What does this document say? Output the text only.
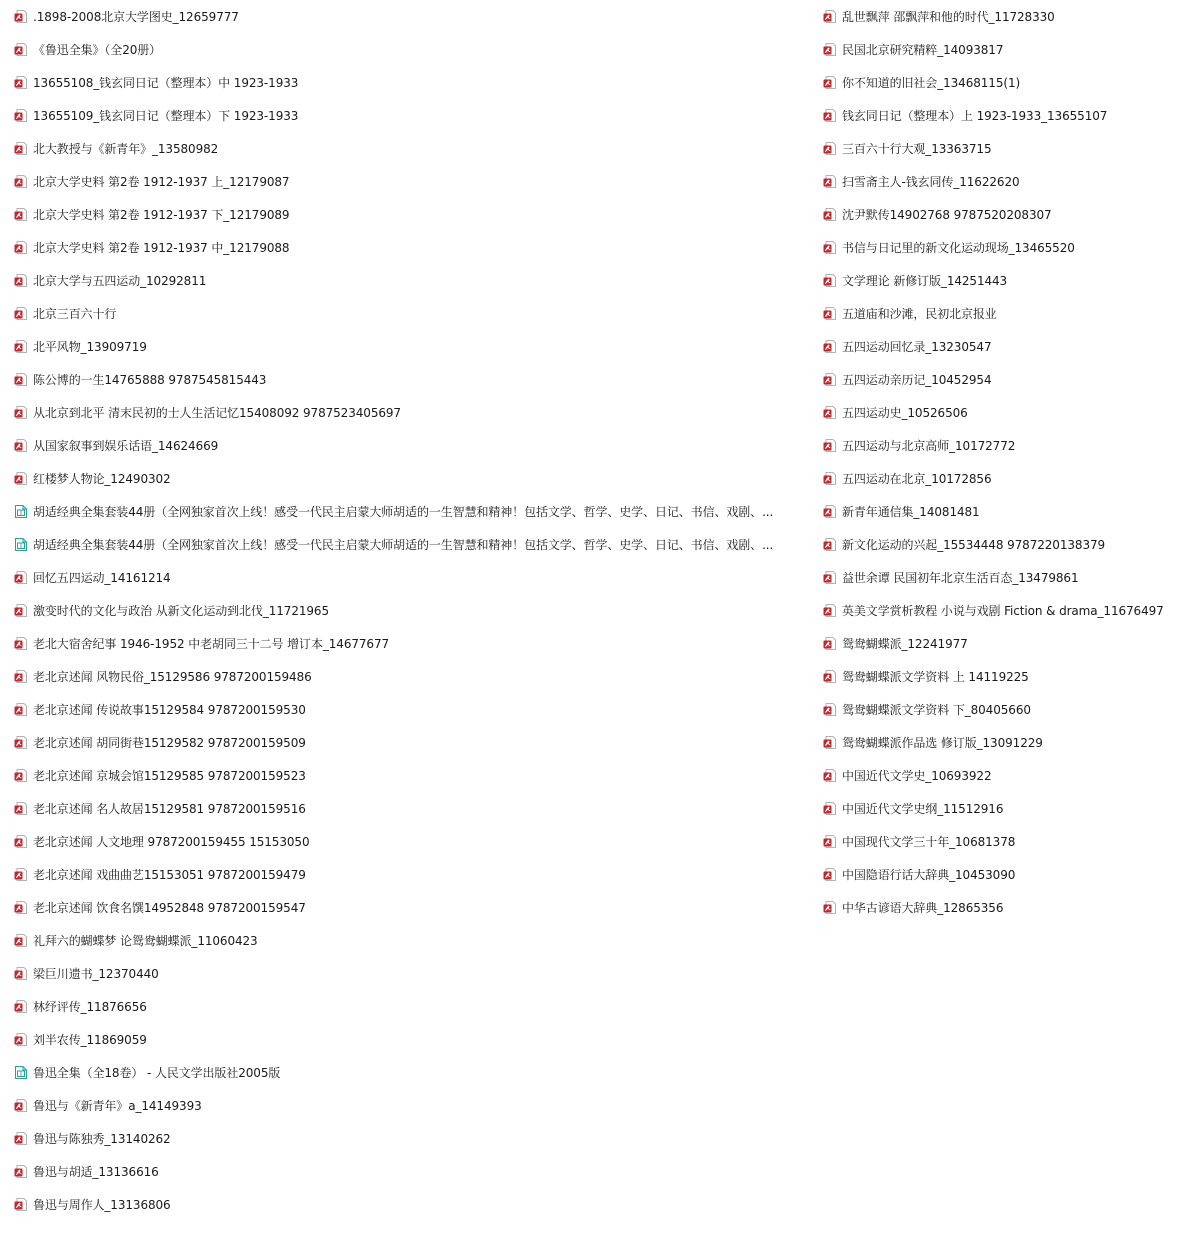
.1898-2008北京大学图史_12659777
《鲁迅全集》（全20册）
13655108_钱玄同日记（整理本）中 1923-1933
13655109_钱玄同日记（整理本）下 1923-1933
北大教授与《新青年》_13580982
北京大学史料 第2卷 1912-1937 上_12179087
北京大学史料 第2卷 1912-1937 下_12179089
北京大学史料 第2卷 1912-1937 中_12179088
北京大学与五四运动_10292811
北京三百六十行
北平风物_13909719
陈公博的一生14765888 9787545815443
从北京到北平 清末民初的士人生活记忆15408092 9787523405697
从国家叙事到娱乐话语_14624669
红楼梦人物论_12490302
胡适经典全集套装44册（全网独家首次上线！感受一代民主启蒙大师胡适的一生智慧和精神！包括文学、哲学、史学、日记、书信、戏剧、...
胡适经典全集套装44册（全网独家首次上线！感受一代民主启蒙大师胡适的一生智慧和精神！包括文学、哲学、史学、日记、书信、戏剧、...
回忆五四运动_14161214
激变时代的文化与政治 从新文化运动到北伐_11721965
老北大宿舍纪事 1946-1952 中老胡同三十二号 增订本_14677677
老北京述闻 风物民俗_15129586 9787200159486
老北京述闻 传说故事15129584 9787200159530
老北京述闻 胡同街巷15129582 9787200159509
老北京述闻 京城会馆15129585 9787200159523
老北京述闻 名人故居15129581 9787200159516
老北京述闻 人文地理 9787200159455 15153050
老北京述闻 戏曲曲艺15153051 9787200159479
老北京述闻 饮食名馔14952848 9787200159547
礼拜六的蝴蝶梦 论鸳鸯蝴蝶派_11060423
梁巨川遗书_12370440
林纾评传_11876656
刘半农传_11869059
鲁迅全集（全18卷） - 人民文学出版社2005版
鲁迅与《新青年》a_14149393
鲁迅与陈独秀_13140262
鲁迅与胡适_13136616
鲁迅与周作人_13136806
乱世飘萍 邵飘萍和他的时代_11728330
民国北京研究精粹_14093817
你不知道的旧社会_13468115(1)
钱玄同日记（整理本）上 1923-1933_13655107
三百六十行大观_13363715
扫雪斋主人-钱玄同传_11622620
沈尹默传14902768 9787520208307
书信与日记里的新文化运动现场_13465520
文学理论 新修订版_14251443
五道庙和沙滩，民初北京报业
五四运动回忆录_13230547
五四运动亲历记_10452954
五四运动史_10526506
五四运动与北京高师_10172772
五四运动在北京_10172856
新青年通信集_14081481
新文化运动的兴起_15534448 9787220138379
益世余谭 民国初年北京生活百态_13479861
英美文学赏析教程 小说与戏剧 Fiction & drama_11676497
鸳鸯蝴蝶派_12241977
鸳鸯蝴蝶派文学资料 上 14119225
鸳鸯蝴蝶派文学资料 下_80405660
鸳鸯蝴蝶派作品选 修订版_13091229
中国近代文学史_10693922
中国近代文学史纲_11512916
中国现代文学三十年_10681378
中国隐语行话大辞典_10453090
中华古谚语大辞典_12865356
